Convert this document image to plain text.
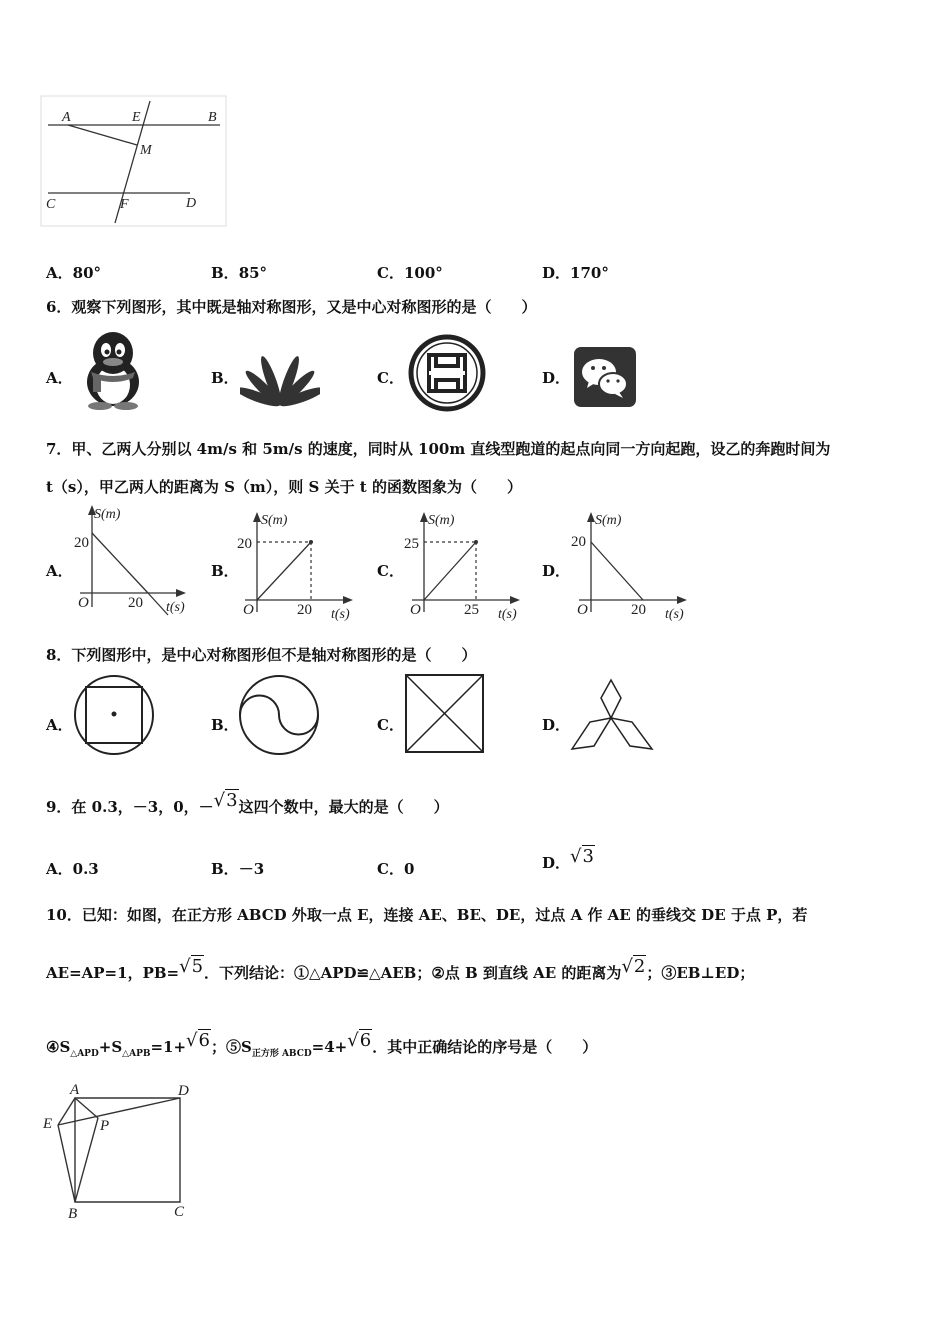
A	E	B
M
C	F	D
A．80°	B．85°	C．100°	D．170°
6．观察下列图形，其中既是轴对称图形，又是中心对称图形的是（　　）
A．	B．	C．	D．
7．甲、乙两人分别以 4m/s 和 5m/s 的速度，同时从 100m 直线型跑道的起点向同一方向起跑，设乙的奔跑时间为
t（s），甲乙两人的距离为 S（m），则 S 关于 t 的函数图象为（　　）
A．
S(m)
20
O	20 t(s)
B．
S(m)
20
O	20 t(s)
C．
S(m)
25
O	25 t(s)
D．
S(m)
20
O	20 t(s)
8．下列图形中，是中心对称图形但不是轴对称图形的是（　　）
A．	B．	C．	D．
9．在 0.3，－3，0，－√3这四个数中，最大的是（　　）
A．0.3	B．－3	C．0	D．√3
10．已知：如图，在正方形 ABCD 外取一点 E，连接 AE、BE、DE，过点 A 作 AE 的垂线交 DE 于点 P，若
AE=AP=1，PB=√5．下列结论：①△APD≌△AEB；②点 B 到直线 AE 的距离为√2；③EB⊥ED；
$④S_{\triangle APD}+S_{\triangle APB}=1+√6$；$⑤S_{正方形 ABCD}=4+√6$．其中正确结论的序号是（　　）
A	D
E	P
B	C
